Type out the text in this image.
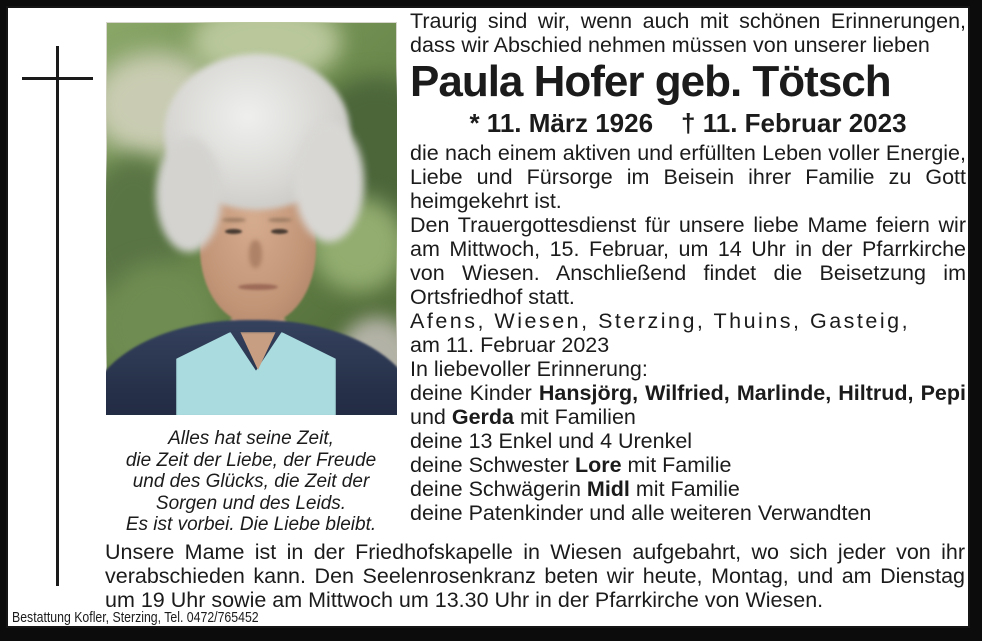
Traurig sind wir, wenn auch mit schönen Erinnerungen, dass wir Abschied nehmen müssen von unserer lieben

Paula Hofer geb. Tötsch
* 11. März 1926 † 11. Februar 2023

die nach einem aktiven und erfüllten Leben voller Energie, Liebe und Fürsorge im Beisein ihrer Familie zu Gott heimgekehrt ist.

Den Trauergottesdienst für unsere liebe Mame feiern wir am Mittwoch, 15. Februar, um 14 Uhr in der Pfarrkirche von Wiesen. Anschließend findet die Beisetzung im Ortsfriedhof statt.

Afens, Wiesen, Sterzing, Thuins, Gasteig,
am 11. Februar 2023
In liebevoller Erinnerung:
deine Kinder Hansjörg, Wilfried, Marlinde, Hiltrud, Pepi und Gerda mit Familien
deine 13 Enkel und 4 Urenkel
deine Schwester Lore mit Familie
deine Schwägerin Midl mit Familie
deine Patenkinder und alle weiteren Verwandten
Alles hat seine Zeit,
die Zeit der Liebe, der Freude
und des Glücks, die Zeit der
Sorgen und des Leids.
Es ist vorbei. Die Liebe bleibt.

Unsere Mame ist in der Friedhofskapelle in Wiesen aufgebahrt, wo sich jeder von ihr verabschieden kann. Den Seelenrosenkranz beten wir heute, Montag, und am Dienstag um 19 Uhr sowie am Mittwoch um 13.30 Uhr in der Pfarrkirche von Wiesen.

Bestattung Kofler, Sterzing, Tel. 0472/765452
